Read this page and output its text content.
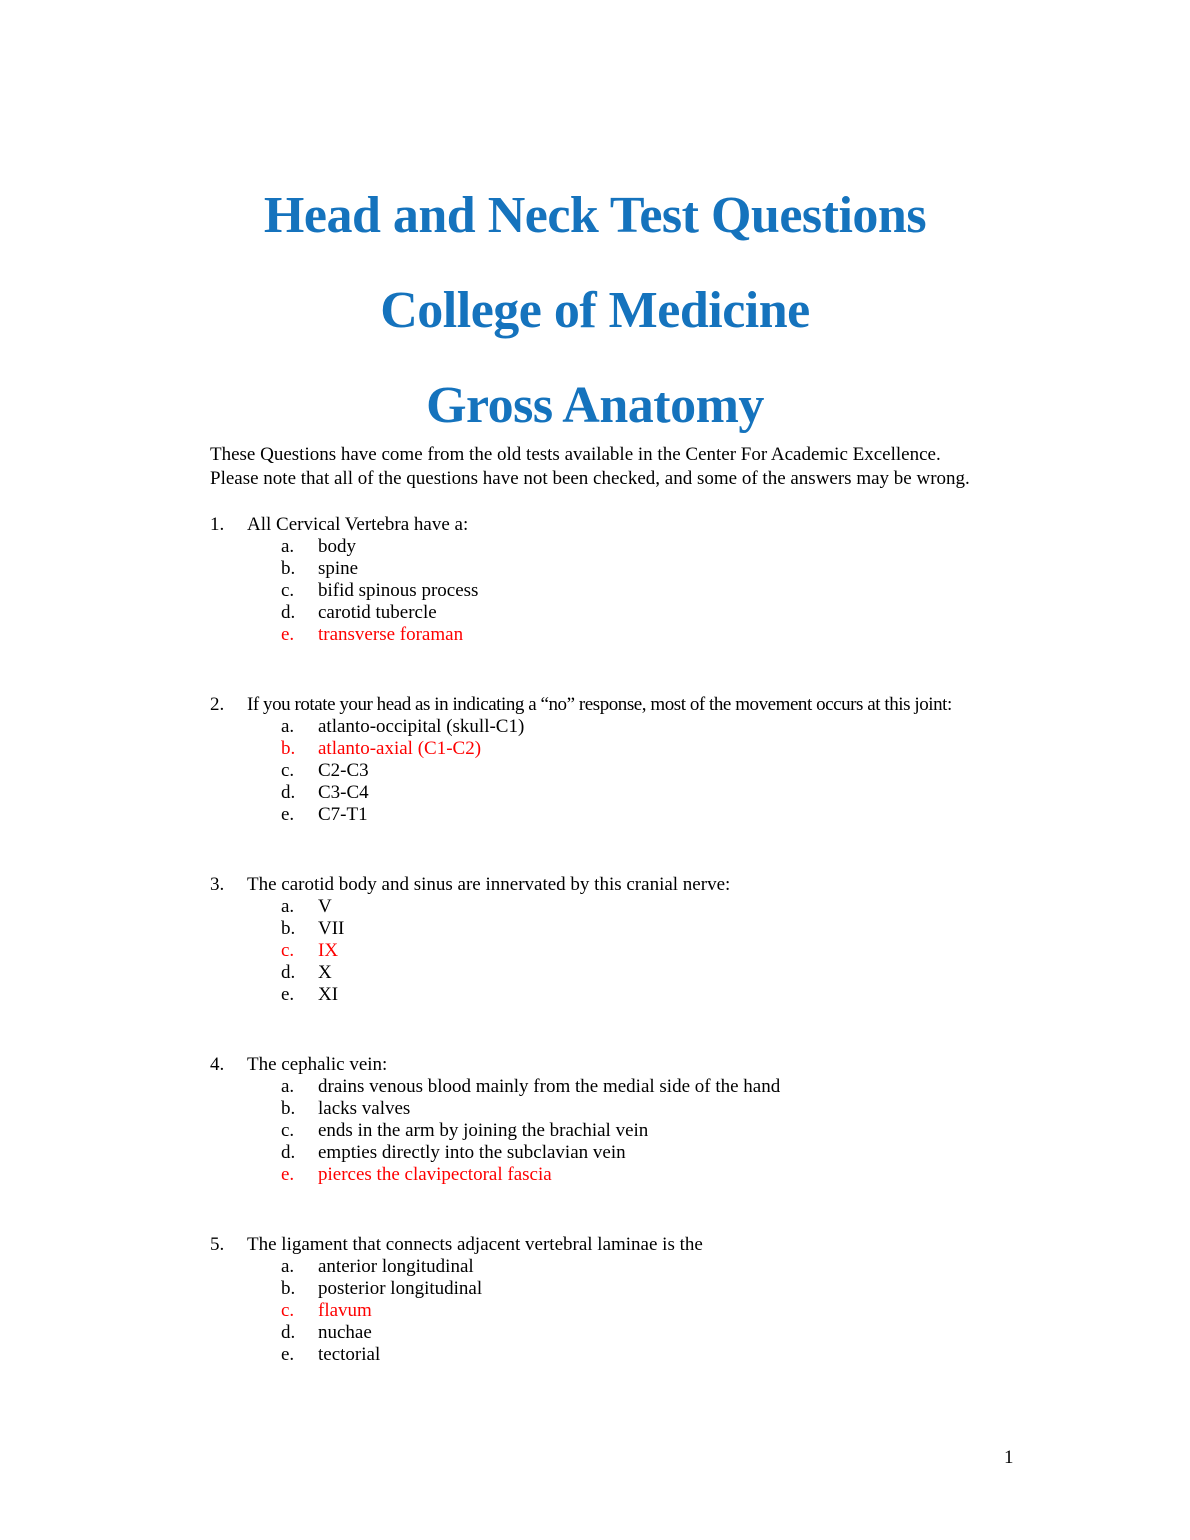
Head and Neck Test Questions
College of Medicine
Gross Anatomy

These Questions have come from the old tests available in the Center For Academic Excellence.
Please note that all of the questions have not been checked, and some of the answers may be wrong.

1. All Cervical Vertebra have a:
a. body
b. spine
c. bifid spinous process
d. carotid tubercle
e. transverse foraman
2. If you rotate your head as in indicating a “no” response, most of the movement occurs at this joint:
a. atlanto-occipital (skull-C1)
b. atlanto-axial (C1-C2)
c. C2-C3
d. C3-C4
e. C7-T1
3. The carotid body and sinus are innervated by this cranial nerve:
a. V
b. VII
c. IX
d. X
e. XI
4. The cephalic vein:
a. drains venous blood mainly from the medial side of the hand
b. lacks valves
c. ends in the arm by joining the brachial vein
d. empties directly into the subclavian vein
e. pierces the clavipectoral fascia
5. The ligament that connects adjacent vertebral laminae is the
a. anterior longitudinal
b. posterior longitudinal
c. flavum
d. nuchae
e. tectorial
1
